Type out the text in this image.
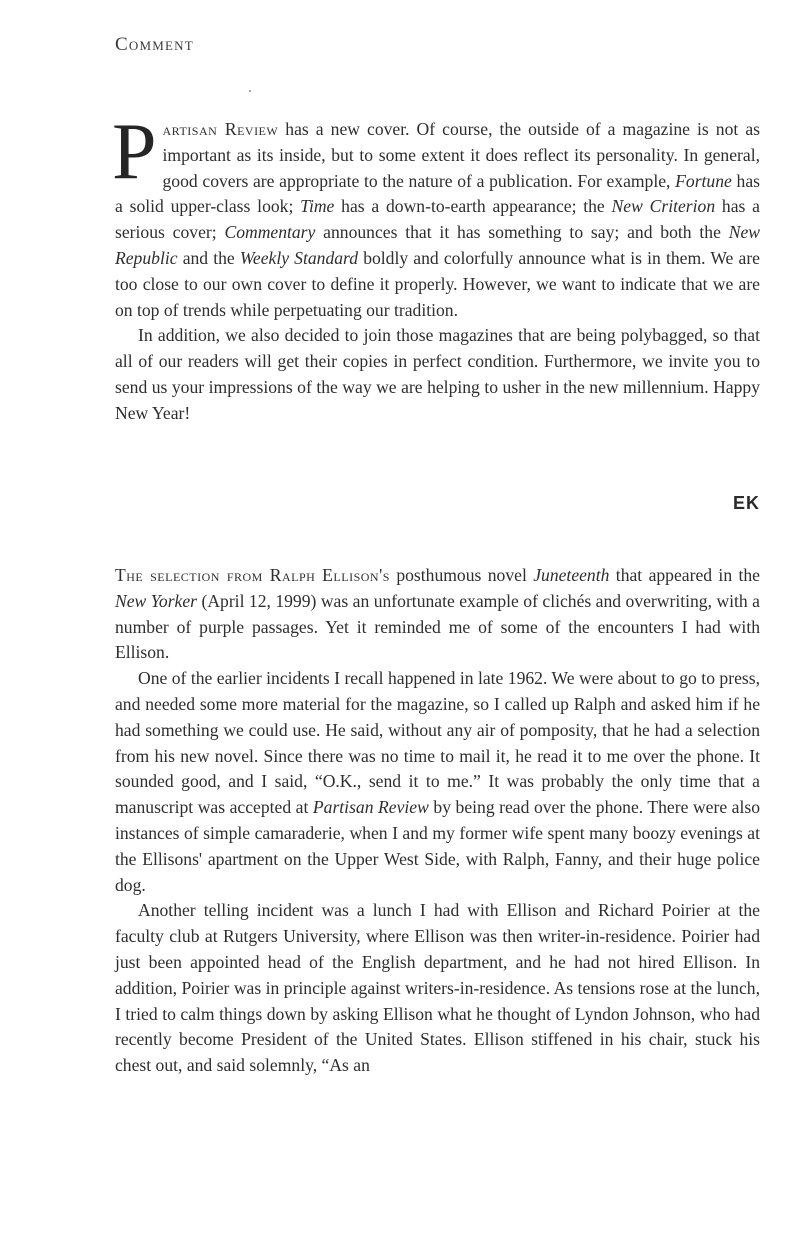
Comment

Partisan Review has a new cover. Of course, the outside of a magazine is not as important as its inside, but to some extent it does reflect its personality. In general, good covers are appropriate to the nature of a publication. For example, Fortune has a solid upper-class look; Time has a down-to-earth appearance; the New Criterion has a serious cover; Commentary announces that it has something to say; and both the New Republic and the Weekly Standard boldly and colorfully announce what is in them. We are too close to our own cover to define it properly. However, we want to indicate that we are on top of trends while perpetuating our tradition.

In addition, we also decided to join those magazines that are being polybagged, so that all of our readers will get their copies in perfect condition. Furthermore, we invite you to send us your impressions of the way we are helping to usher in the new millennium. Happy New Year!

EK

The selection from Ralph Ellison's posthumous novel Juneteenth that appeared in the New Yorker (April 12, 1999) was an unfortunate example of clichés and overwriting, with a number of purple passages. Yet it reminded me of some of the encounters I had with Ellison.

One of the earlier incidents I recall happened in late 1962. We were about to go to press, and needed some more material for the magazine, so I called up Ralph and asked him if he had something we could use. He said, without any air of pomposity, that he had a selection from his new novel. Since there was no time to mail it, he read it to me over the phone. It sounded good, and I said, “O.K., send it to me.” It was probably the only time that a manuscript was accepted at Partisan Review by being read over the phone. There were also instances of simple camaraderie, when I and my former wife spent many boozy evenings at the Ellisons' apartment on the Upper West Side, with Ralph, Fanny, and their huge police dog.

Another telling incident was a lunch I had with Ellison and Richard Poirier at the faculty club at Rutgers University, where Ellison was then writer-in-residence. Poirier had just been appointed head of the English department, and he had not hired Ellison. In addition, Poirier was in principle against writers-in-residence. As tensions rose at the lunch, I tried to calm things down by asking Ellison what he thought of Lyndon Johnson, who had recently become President of the United States. Ellison stiffened in his chair, stuck his chest out, and said solemnly, “As an
